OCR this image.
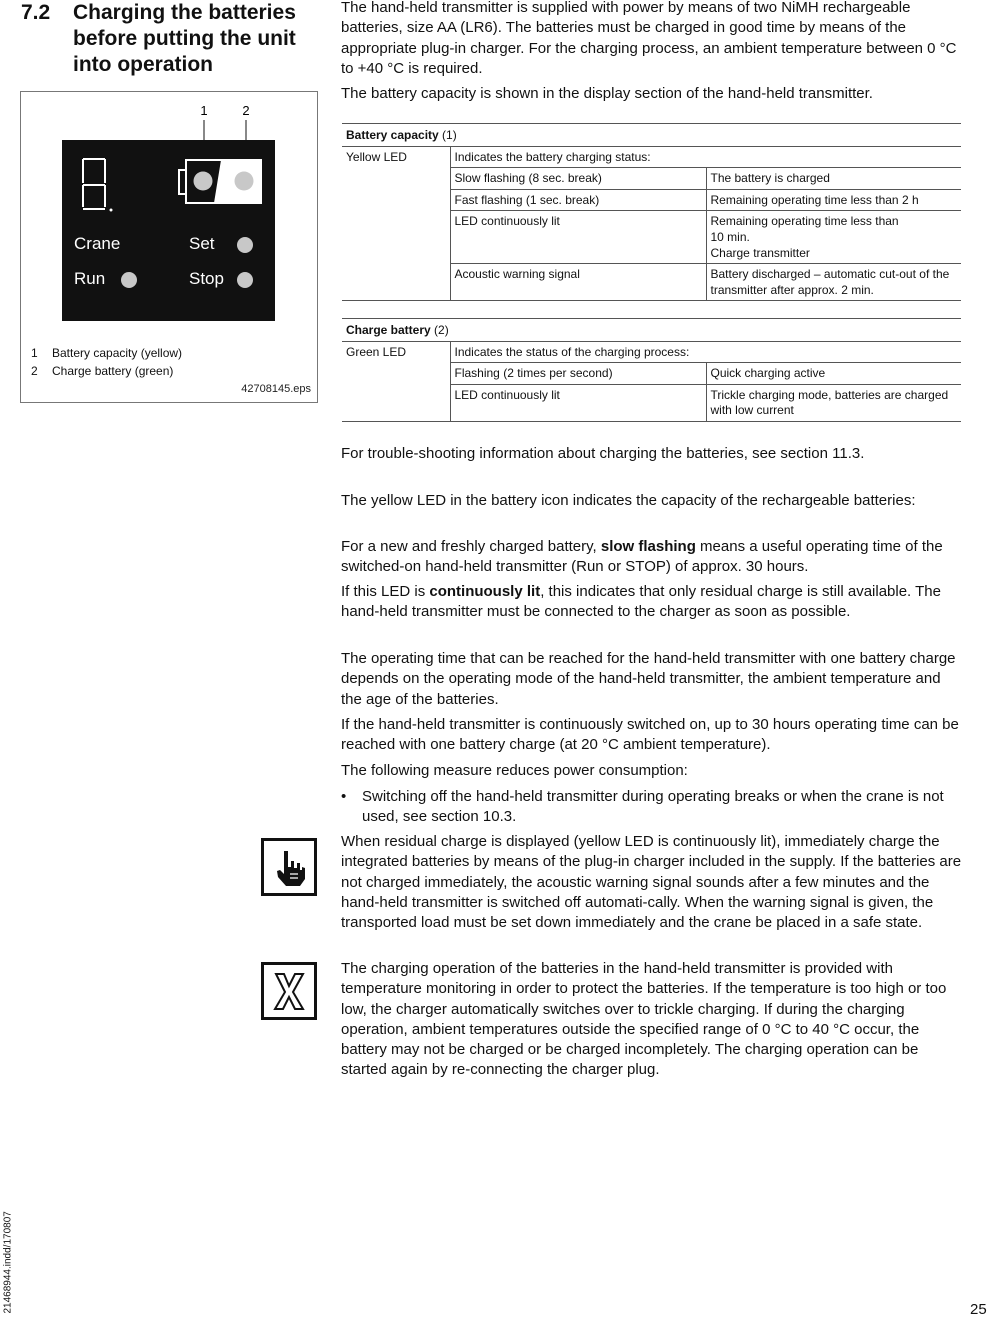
7.2 Charging the batteries before putting the unit into operation
1	2
Crane	Set
Run	Stop
1	Battery capacity (yellow)
2	Charge battery (green)
42708145.eps
The hand-held transmitter is supplied with power by means of two NiMH rechargeable batteries, size AA (LR6). The batteries must be charged in good time by means of the appropriate plug-in charger. For the charging process, an ambient temperature between 0 °C to +40 °C is required.
The battery capacity is shown in the display section of the hand-held transmitter.
Battery capacity (1)		
Yellow LED	Indicates the battery charging status:	
	Slow flashing (8 sec. break)	The battery is charged
	Fast flashing (1 sec. break)	Remaining operating time less than 2 h
	LED continuously lit	Remaining operating time less than
10 min.
Charge transmitter

	Acoustic warning signal	Battery discharged – automatic cut-out of the transmitter after approx. 2 min.
Charge battery (2)		
Green LED	Indicates the status of the charging process:	
	Flashing (2 times per second)	Quick charging active
	LED continuously lit	Trickle charging mode, batteries are charged with low current
For trouble-shooting information about charging the batteries, see section 11.3.
The yellow LED in the battery icon indicates the capacity of the rechargeable batteries:
For a new and freshly charged battery, slow flashing means a useful operating time of the switched-on hand-held transmitter (Run or STOP) of approx. 30 hours.
If this LED is continuously lit, this indicates that only residual charge is still available. The hand-held transmitter must be connected to the charger as soon as possible.
The operating time that can be reached for the hand-held transmitter with one battery charge depends on the operating mode of the hand-held transmitter, the ambient temperature and the age of the batteries.
If the hand-held transmitter is continuously switched on, up to 30 hours operating time can be reached with one battery charge (at 20 °C ambient temperature).
The following measure reduces power consumption:
• Switching off the hand-held transmitter during operating breaks or when the crane is not used, see section 10.3.
When residual charge is displayed (yellow LED is continuously lit), immediately charge the integrated batteries by means of the plug-in charger included in the supply. If the batteries are not charged immediately, the acoustic warning signal sounds after a few minutes and the hand-held transmitter is switched off automati-cally. When the warning signal is given, the transported load must be set down immediately and the crane be placed in a safe state.
The charging operation of the batteries in the hand-held transmitter is provided with temperature monitoring in order to protect the batteries. If the temperature is too high or too low, the charger automatically switches over to trickle charging. If during the charging operation, ambient temperatures outside the specified range of 0 °C to 40 °C occur, the battery may not be charged or be charged incompletely. The charging operation can be started again by re-connecting the charger plug.
21468944.indd/170807	25
